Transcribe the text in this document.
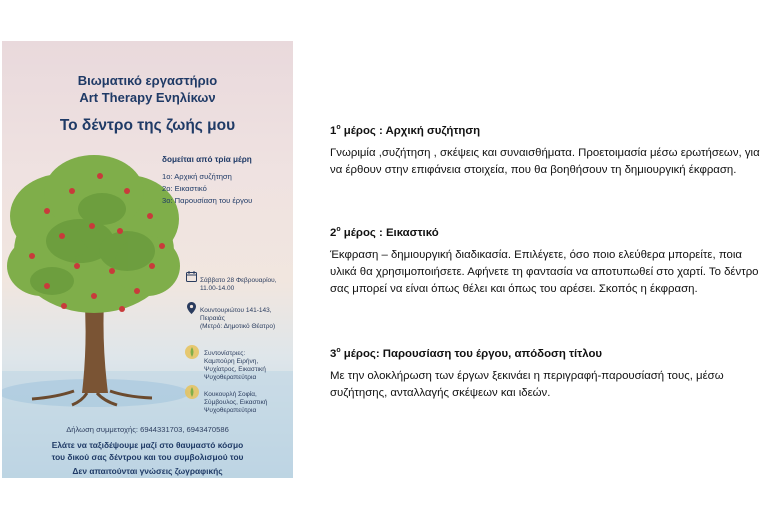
Βιωματικό εργαστήριο

Art Therapy Ενηλίκων

Το δέντρο της ζωής μου

δομείται από τρία μέρη

1ο: Αρχική συζήτηση

2ο: Εικαστικό

3ο: Παρουσίαση του έργου

Σάββατο 28 Φεβρουαρίου, 11.00-14.00

Κουντουριώτου 141-143,

Πειραιάς

(Μετρό: Δημοτικό Θέατρο)

Συντονίστριες:

Καμπούρη Ειρήνη, Ψυχίατρος, Εικαστική Ψυχοθεραπεύτρια

Κουκουρλή Σοφία, Σύμβουλος, Εικαστική Ψυχοθεραπεύτρια

Δήλωση συμμετοχής: 6944331703, 6943470586

Ελάτε να ταξιδέψουμε μαζί στο θαυμαστό κόσμο

του δικού σας δέντρου και του συμβολισμού του

Δεν απαιτούνται γνώσεις ζωγραφικής

$1^o$ μέρος : Αρχική συζήτηση

Γνωριμία ,συζήτηση , σκέψεις και συναισθήματα. Προετοιμασία μέσω ερωτήσεων, για να έρθουν στην επιφάνεια στοιχεία, που θα βοηθήσουν τη δημιουργική έκφραση.

$2^o$ μέρος : Εικαστικό

Έκφραση – δημιουργική διαδικασία. Επιλέγετε, όσο ποιο ελεύθερα μπορείτε, ποια υλικά θα χρησιμοποιήσετε. Αφήνετε τη φαντασία να αποτυπωθεί στο χαρτί. Το δέντρο σας μπορεί να είναι όπως θέλει και όπως του αρέσει. Σκοπός η έκφραση.

$3^o$ μέρος: Παρουσίαση του έργου, απόδοση τίτλου

Με την ολοκλήρωση των έργων ξεκινάει η περιγραφή-παρουσίασή τους, μέσω συζήτησης, ανταλλαγής σκέψεων και ιδεών.
